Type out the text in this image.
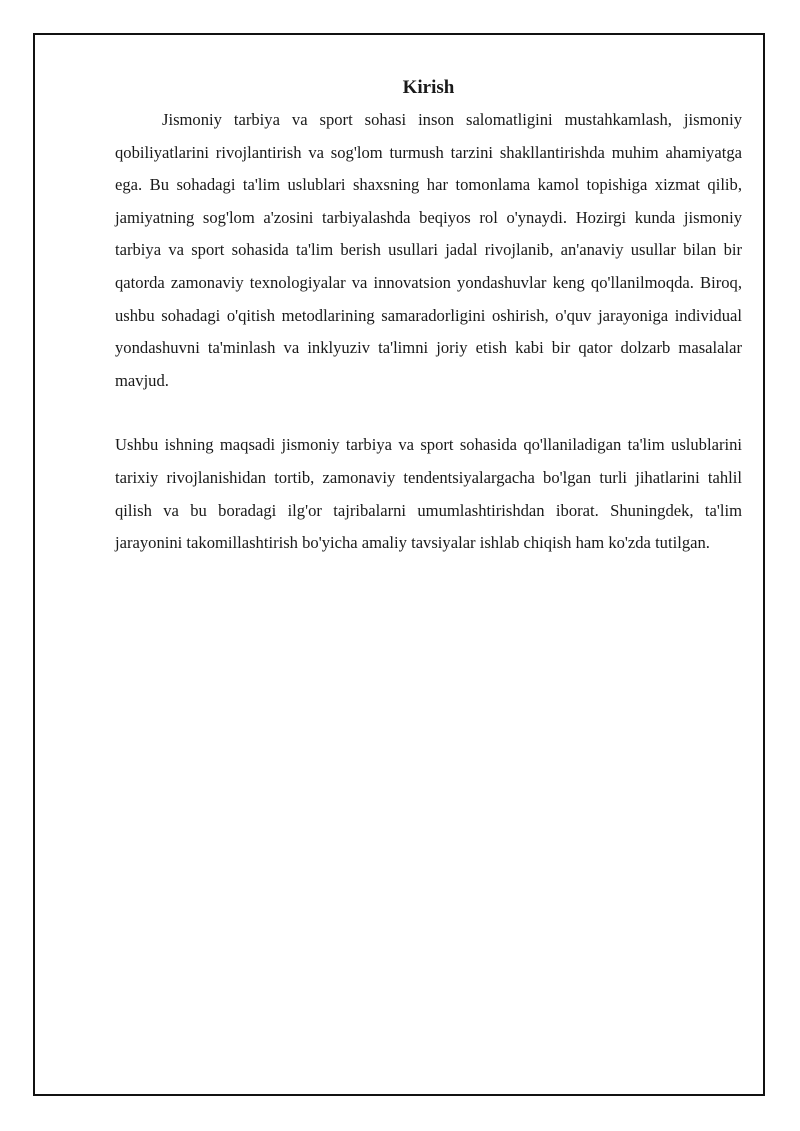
Kirish

Jismoniy tarbiya va sport sohasi inson salomatligini mustahkamlash, jismoniy qobiliyatlarini rivojlantirish va sog'lom turmush tarzini shakllantirishda muhim ahamiyatga ega. Bu sohadagi ta'lim uslublari shaxsning har tomonlama kamol topishiga xizmat qilib, jamiyatning sog'lom a'zosini tarbiyalashda beqiyos rol o'ynaydi. Hozirgi kunda jismoniy tarbiya va sport sohasida ta'lim berish usullari jadal rivojlanib, an'anaviy usullar bilan bir qatorda zamonaviy texnologiyalar va innovatsion yondashuvlar keng qo'llanilmoqda. Biroq, ushbu sohadagi o'qitish metodlarining samaradorligini oshirish, o'quv jarayoniga individual yondashuvni ta'minlash va inklyuziv ta'limni joriy etish kabi bir qator dolzarb masalalar mavjud.

Ushbu ishning maqsadi jismoniy tarbiya va sport sohasida qo'llaniladigan ta'lim uslublarini tarixiy rivojlanishidan tortib, zamonaviy tendentsiyalargacha bo'lgan turli jihatlarini tahlil qilish va bu boradagi ilg'or tajribalarni umumlashtirishdan iborat. Shuningdek, ta'lim jarayonini takomillashtirish bo'yicha amaliy tavsiyalar ishlab chiqish ham ko'zda tutilgan.
